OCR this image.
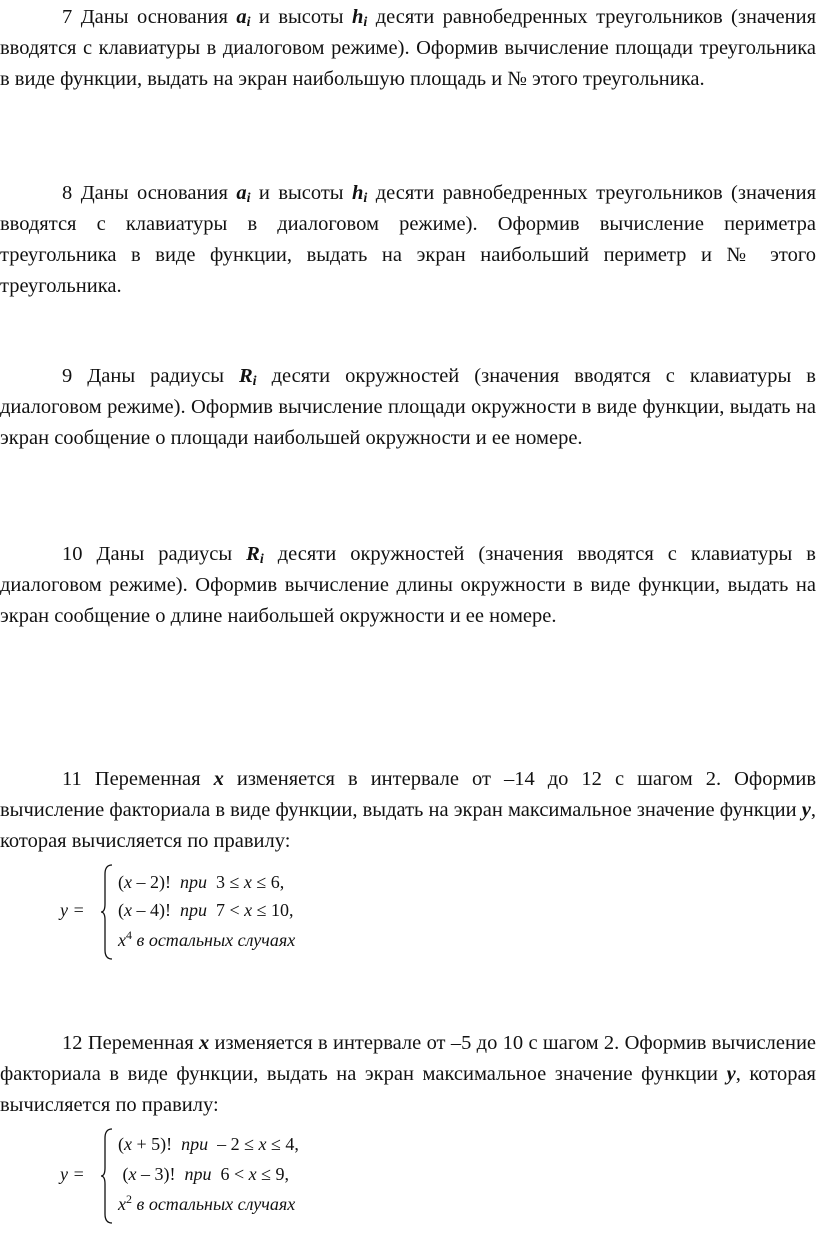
7 Даны основания $a_i$ и высоты $h_i$ десяти равнобедренных треугольников (значения вводятся с клавиатуры в диалоговом режиме). Оформив вычисление площади треугольника в виде функции, выдать на экран наибольшую площадь и № этого треугольника.

8 Даны основания $a_i$ и высоты $h_i$ десяти равнобедренных треугольников (значения вводятся с клавиатуры в диалоговом режиме). Оформив вычисление периметра треугольника в виде функции, выдать на экран наибольший периметр и № этого треугольника.

9 Даны радиусы $R_i$ десяти окружностей (значения вводятся с клавиатуры в диалоговом режиме). Оформив вычисление площади окружности в виде функции, выдать на экран сообщение о площади наибольшей окружности и ее номере.

10 Даны радиусы $R_i$ десяти окружностей (значения вводятся с клавиатуры в диалоговом режиме). Оформив вычисление длины окружности в виде функции, выдать на экран сообщение о длине наибольшей окружности и ее номере.

11 Переменная x изменяется в интервале от –14 до 12 с шагом 2. Оформив вычисление факториала в виде функции, выдать на экран максимальное значение функции y, которая вычисляется по правилу:

y =
(x – 2)!  при  3 ≤ x ≤ 6,
(x – 4)!  при  7 < x ≤ 10,
$x^4$ в остальных случаях

12 Переменная x изменяется в интервале от –5 до 10 с шагом 2. Оформив вычисление факториала в виде функции, выдать на экран максимальное значение функции y, которая вычисляется по правилу:

y =
(x + 5)!  при  – 2 ≤ x ≤ 4,
(x – 3)!  при  6 < x ≤ 9,
$x^2$ в остальных случаях
